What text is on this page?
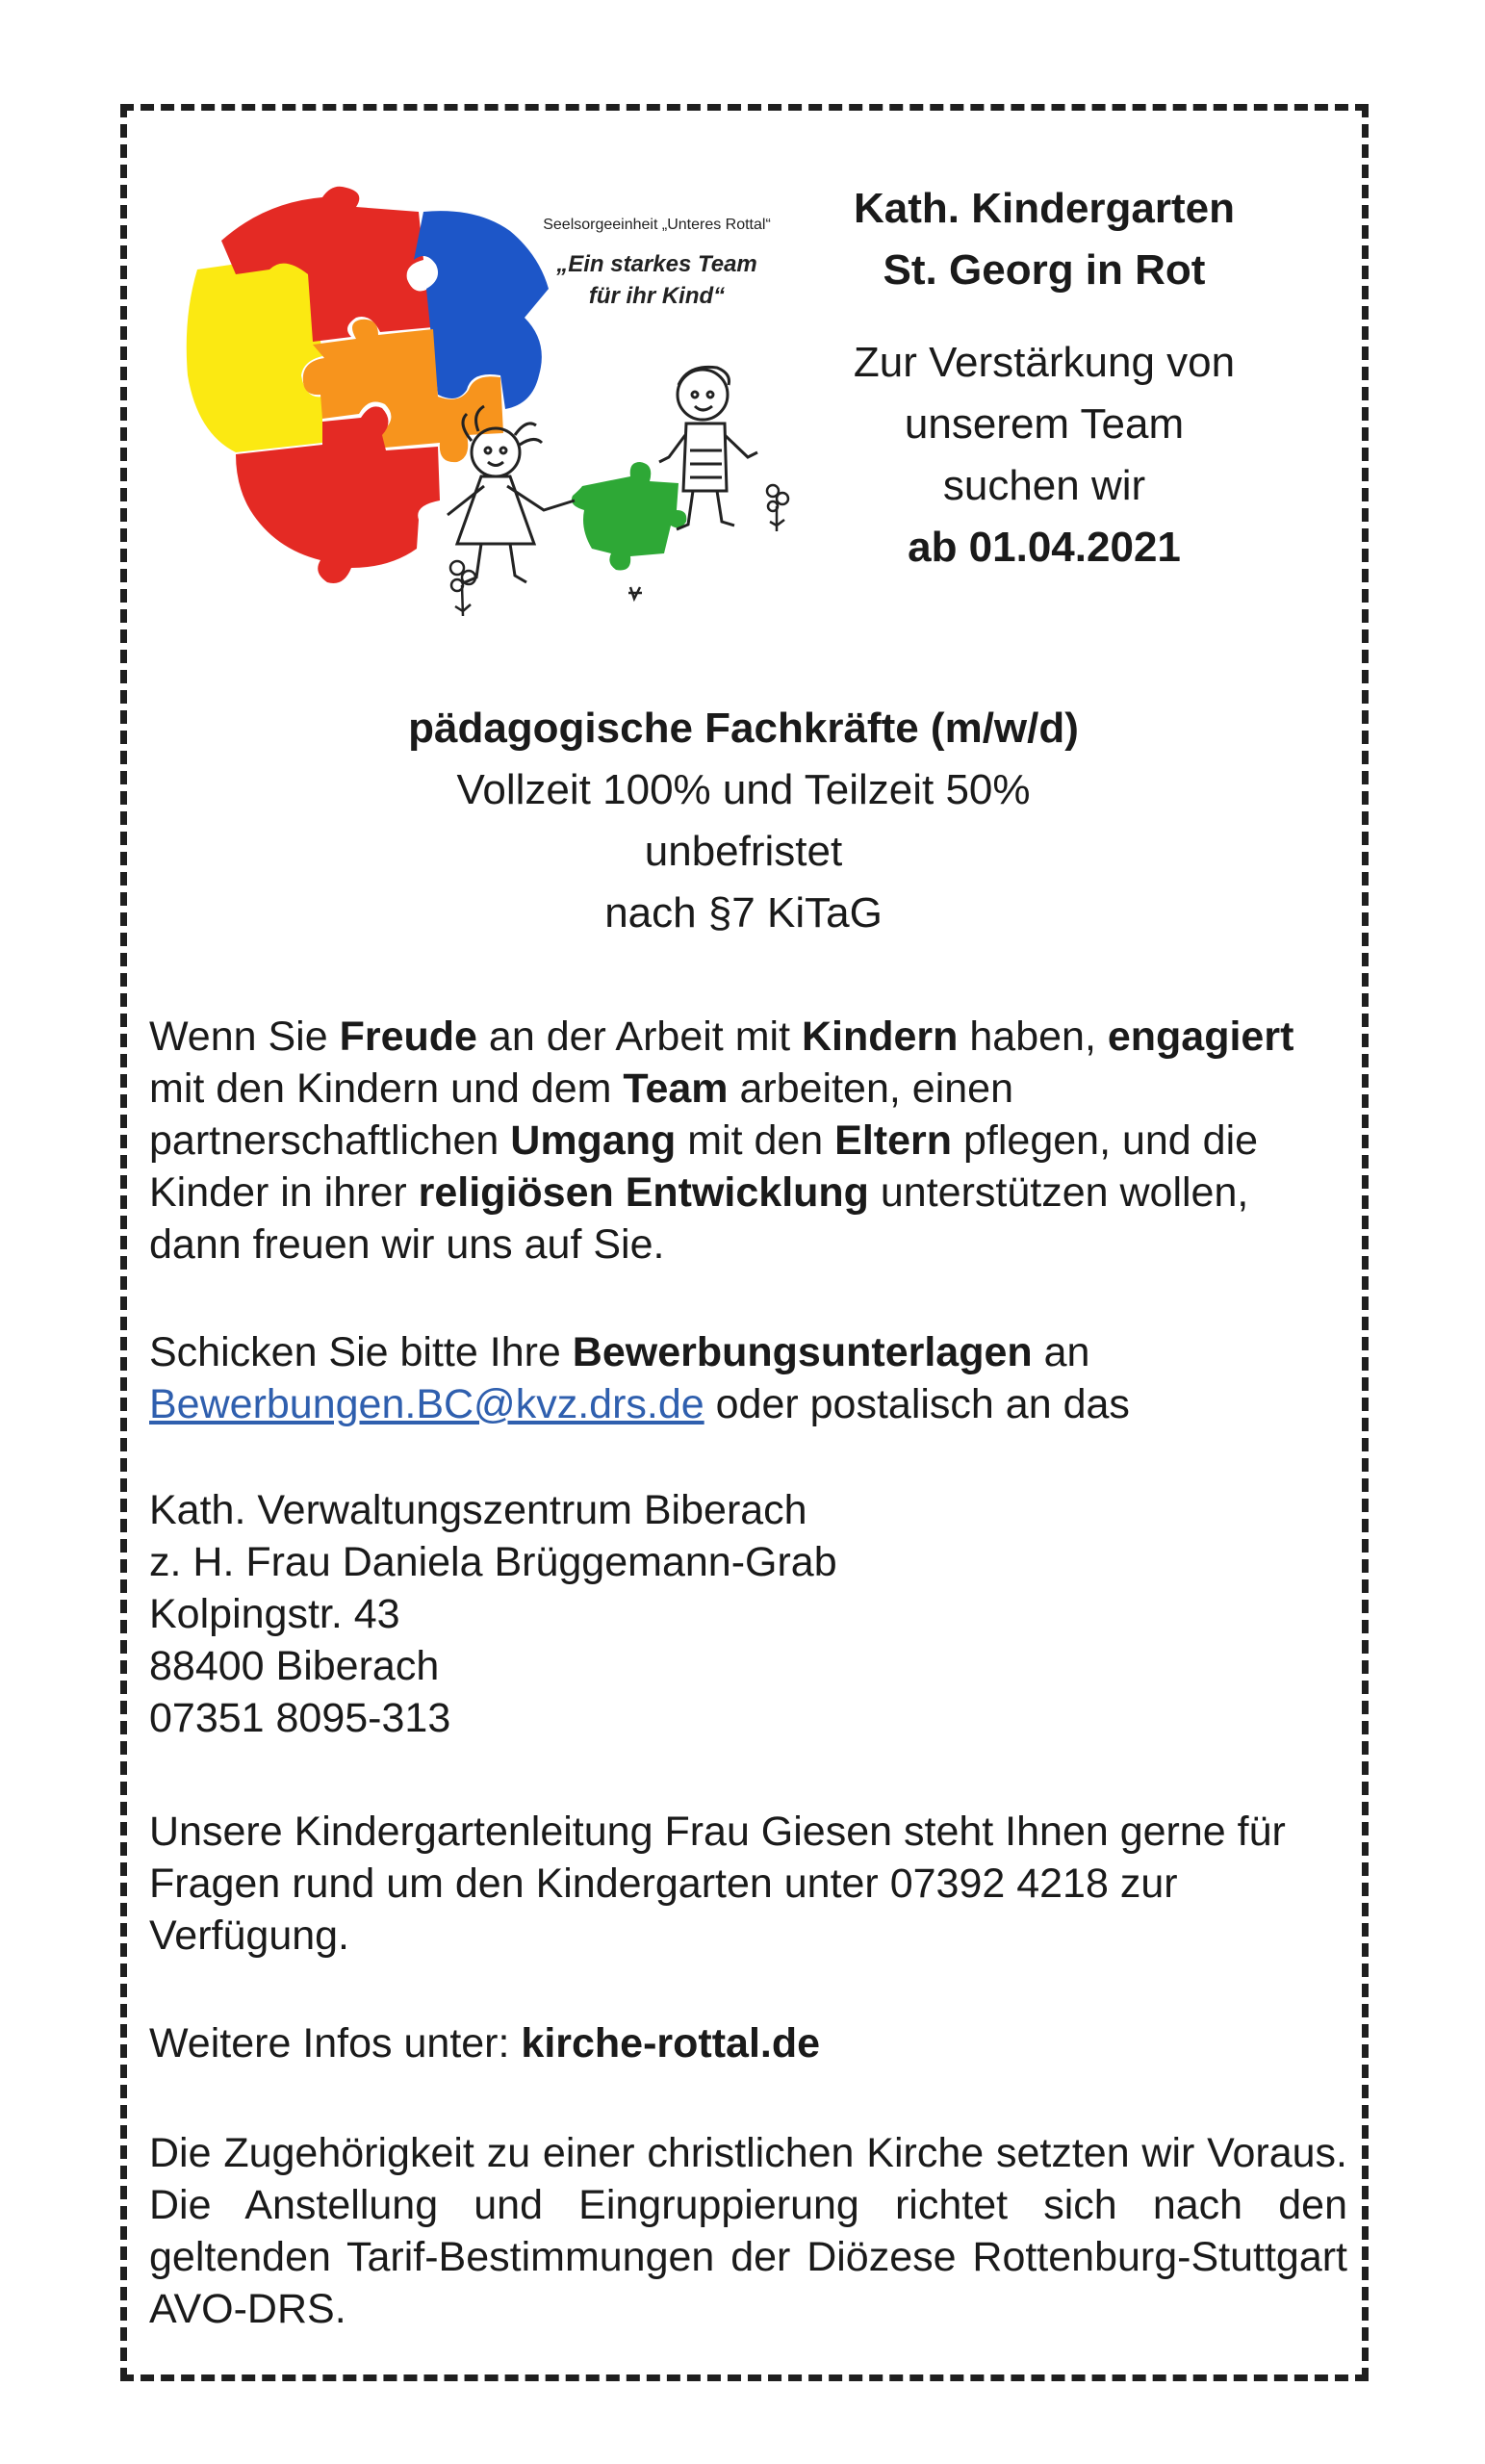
Seelsorgeeinheit „Unteres Rottal“
„Ein starkes Team
für ihr Kind“
Kath. Kindergarten
St. Georg in Rot
Zur Verstärkung von
unserem Team
suchen wir
ab 01.04.2021
pädagogische Fachkräfte (m/w/d)
Vollzeit 100% und Teilzeit 50%
unbefristet
nach §7 KiTaG
Wenn Sie Freude an der Arbeit mit Kindern haben, engagiert mit den Kindern und dem Team arbeiten, einen partnerschaftlichen Umgang mit den Eltern pflegen, und die Kinder in ihrer religiösen Entwicklung unterstützen wollen, dann freuen wir uns auf Sie.
Schicken Sie bitte Ihre Bewerbungsunterlagen an
Bewerbungen.BC@kvz.drs.de oder postalisch an das
Kath. Verwaltungszentrum Biberach
z. H. Frau Daniela Brüggemann-Grab
Kolpingstr. 43
88400 Biberach
07351 8095-313
Unsere Kindergartenleitung Frau Giesen steht Ihnen gerne für Fragen rund um den Kindergarten unter 07392 4218 zur Verfügung.
Weitere Infos unter: kirche-rottal.de
Die Zugehörigkeit zu einer christlichen Kirche setzten wir Voraus. Die Anstellung und Eingruppierung richtet sich nach den geltenden Tarif-Bestimmungen der Diözese Rottenburg-Stuttgart AVO-DRS.
